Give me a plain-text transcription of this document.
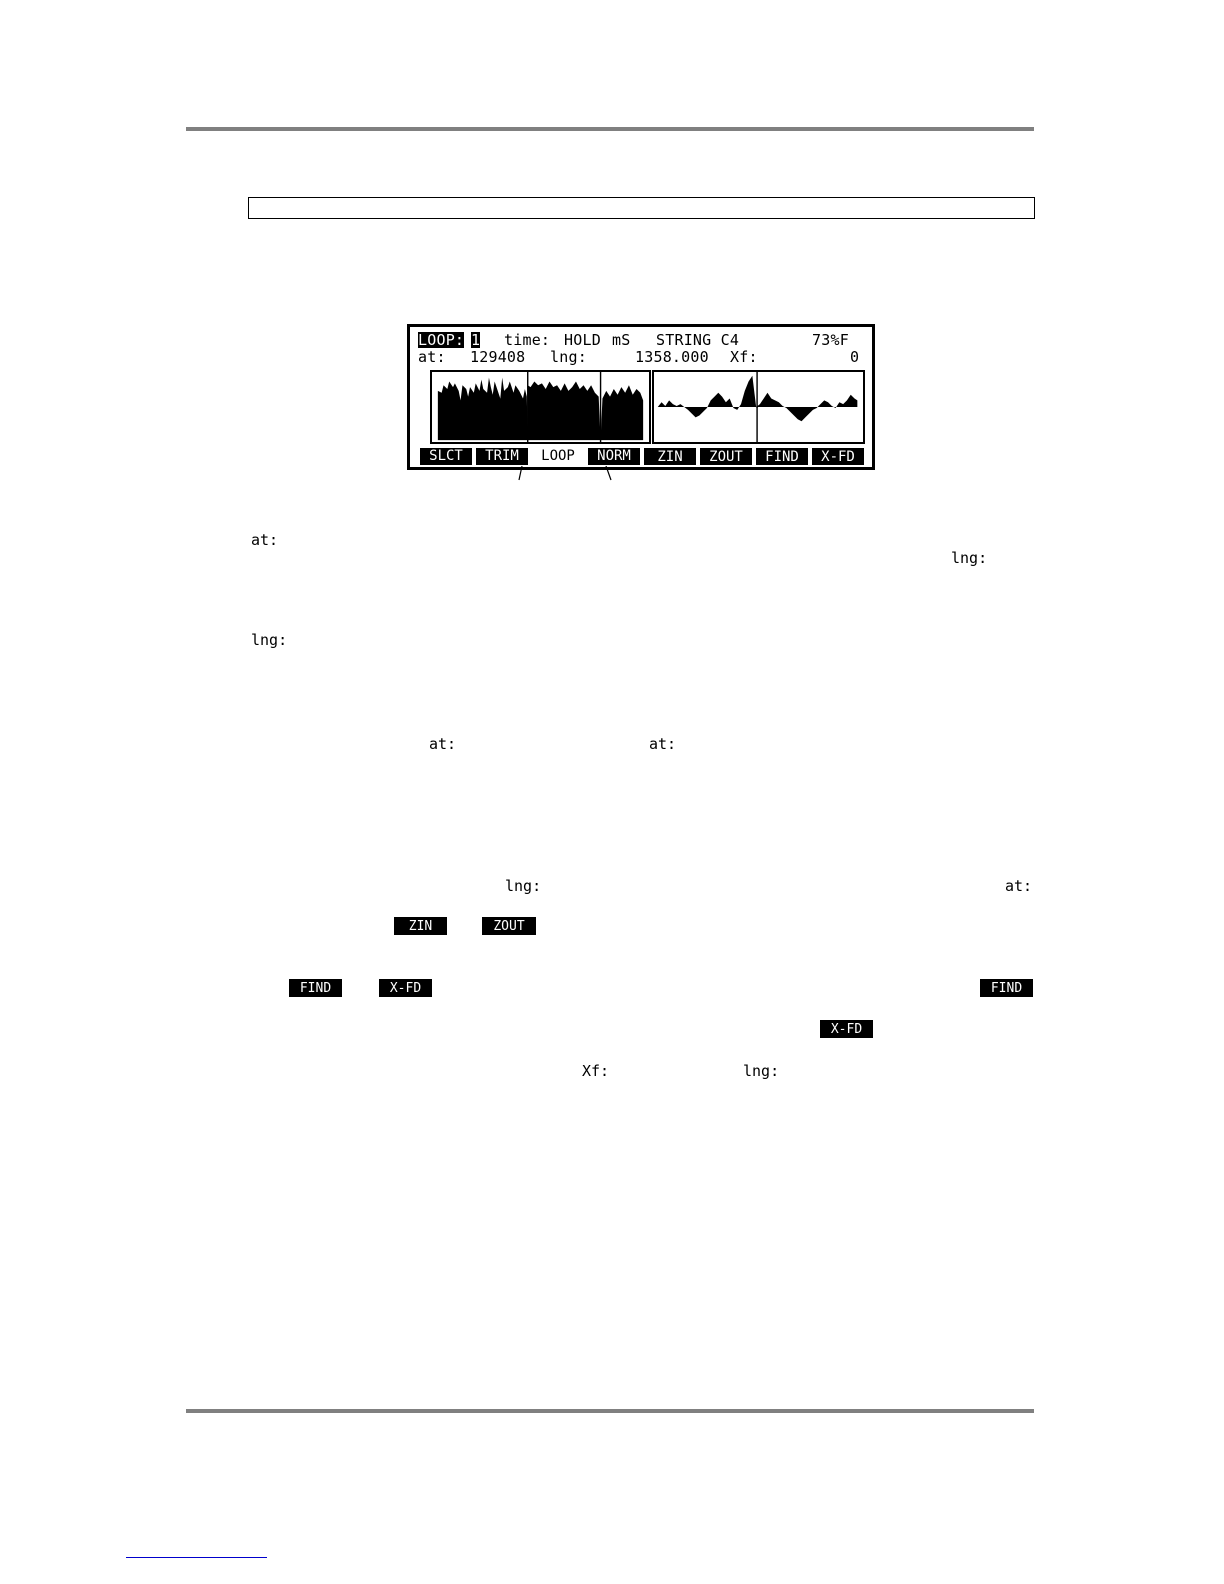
LOOP: 1 time: HOLD mS STRING C4	73%F
at: 129408 lng:	1358.000 Xf:	0
SLCT	TRIM	LOOP	NORM	ZIN	ZOUT	FIND	X-FD
at:
lng:
lng:
at:	at:
lng:	at:
ZIN	ZOUT
FIND	X-FD	FIND
X-FD
Xf:	lng:
